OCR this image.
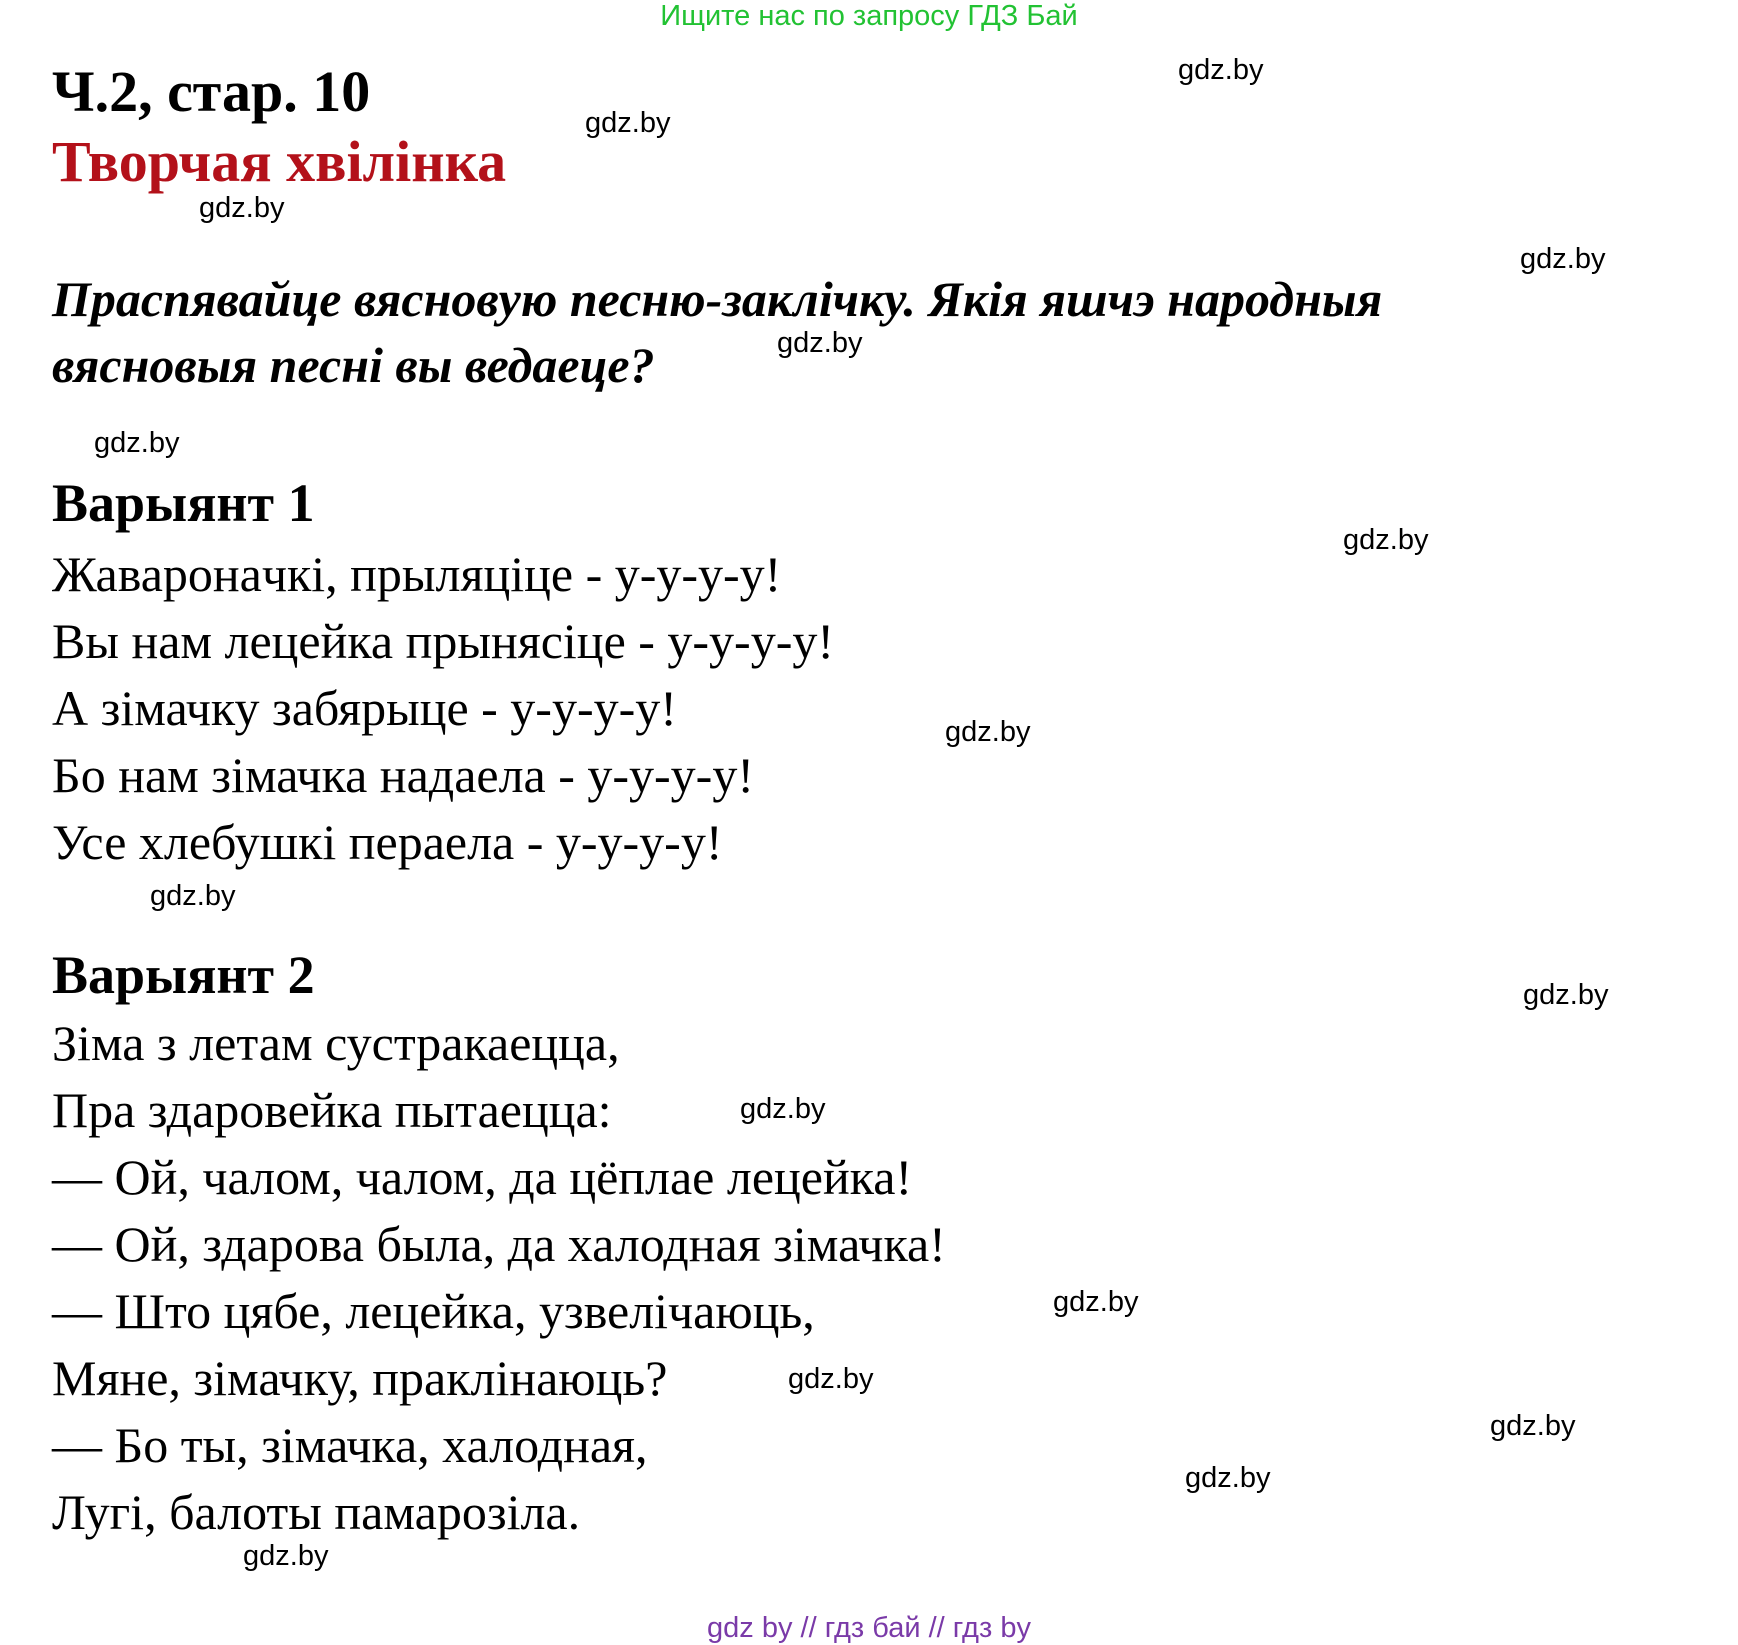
Ищите нас по запросу ГДЗ Бай
Ч.2, стар. 10
Творчая хвілінка
Праспявайце вясновую песню-заклічку. Якія яшчэ народныя
вясновыя песні вы ведаеце?
Варыянт 1
Жаваронaчкі, прыляціце - у-у-у-у!
Вы нам лецейка прынясіце - у-у-у-у!
А зімачку забярыце - у-у-у-у!
Бо нам зімачка надаела - у-у-у-у!
Усе хлебушкі пераела - у-у-у-у!
Варыянт 2
Зіма з летам сустракаецца,
Пра здаровейка пытаецца:
— Ой, чалом, чалом, да цёплае лецейка!
— Ой, здарова была, да халодная зімачка!
— Што цябе, лецейка, узвелічаюць,
Мяне, зімачку, праклінаюць?
— Бо ты, зімачка, халодная,
Лугі, балоты памарозіла.
gdz.by
gdz.by
gdz.by
gdz.by
gdz.by
gdz.by
gdz.by
gdz.by
gdz.by
gdz.by
gdz.by
gdz.by
gdz.by
gdz.by
gdz.by
gdz.by
gdz by // гдз бай // гдз by
